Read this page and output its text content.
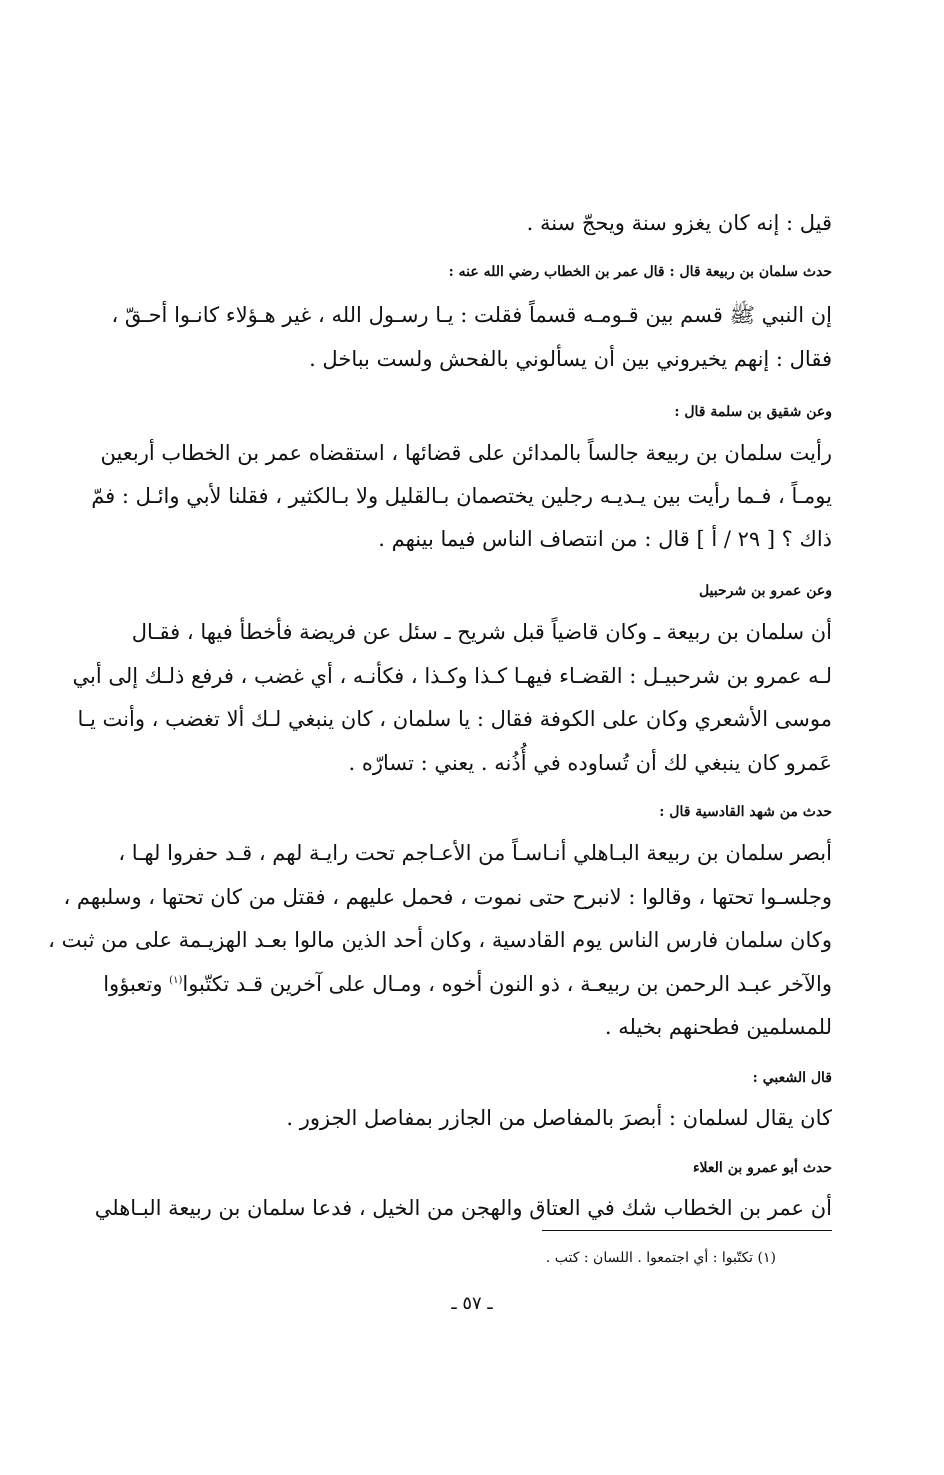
قيل : إنه كان يغزو سنة ويحجّ سنة .
حدث سلمان بن ربيعة قال : قال عمر بن الخطاب رضي الله عنه :
إن النبي ﷺ قسم بين قـومـه قسماً فقلت : يـا رسـول الله ، غير هـؤلاء كانـوا أحـقّ ،
فقال : إنهم يخيروني بين أن يسألوني بالفحش ولست بباخل .
وعن شقيق بن سلمة قال :
رأيت سلمان بن ربيعة جالساً بالمدائن على قضائها ، استقضاه عمر بن الخطاب أربعين
يومـاً ، فـما رأيت بين يـديـه رجلين يختصمان بـالقليل ولا بـالكثير ، فقلنا لأبي وائـل : فمّ
ذاك ؟ [ ٢٩ / أ ] قال : من انتصاف الناس فيما بينهم .
وعن عمرو بن شرحبيل
أن سلمان بن ربيعة ـ وكان قاضياً قبل شريح ـ سئل عن فريضة فأخطأ فيها ، فقـال
لـه عمرو بن شرحبيـل : القضـاء فيهـا كـذا وكـذا ، فكأنـه ، أي غضب ، فرفع ذلـك إلى أبي
موسى الأشعري وكان على الكوفة فقال : يا سلمان ، كان ينبغي لـك ألا تغضب ، وأنت يـا
عَمرو كان ينبغي لك أن تُساوده في أُذُنه . يعني : تسارّه .
حدث من شهد القادسية قال :
أبصر سلمان بن ربيعة البـاهلي أنـاسـاً من الأعـاجم تحت رايـة لهم ، قـد حفروا لهـا ،
وجلسـوا تحتها ، وقالوا : لانبرح حتى نموت ، فحمل عليهم ، فقتل من كان تحتها ، وسلبهم ،
وكان سلمان فارس الناس يوم القادسية ، وكان أحد الذين مالوا بعـد الهزيـمة على من ثبت ،
والآخر عبـد الرحمن بن ربيعـة ، ذو النون أخوه ، ومـال على آخرين قـد تكتّبوا$^{(١)}$ وتعبؤوا
للمسلمين فطحنهم بخيله .
قال الشعبي :
كان يقال لسلمان : أبصرَ بالمفاصل من الجازر بمفاصل الجزور .
حدث أبو عمرو بن العلاء
أن عمر بن الخطاب شك في العتاق والهجن من الخيل ، فدعا سلمان بن ربيعة البـاهلي
(١) تكتّبوا : أي اجتمعوا . اللسان : كتب .
ـ ٥٧ ـ
